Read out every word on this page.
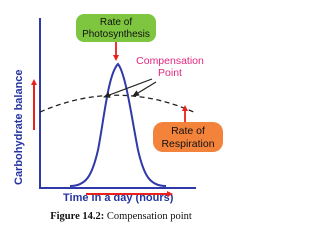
Carbohydrate balance
Time in a day (hours)
Rate of
Photosynthesis
Compensation
Point
Rate of
Respiration
Figure 14.2: Compensation point
